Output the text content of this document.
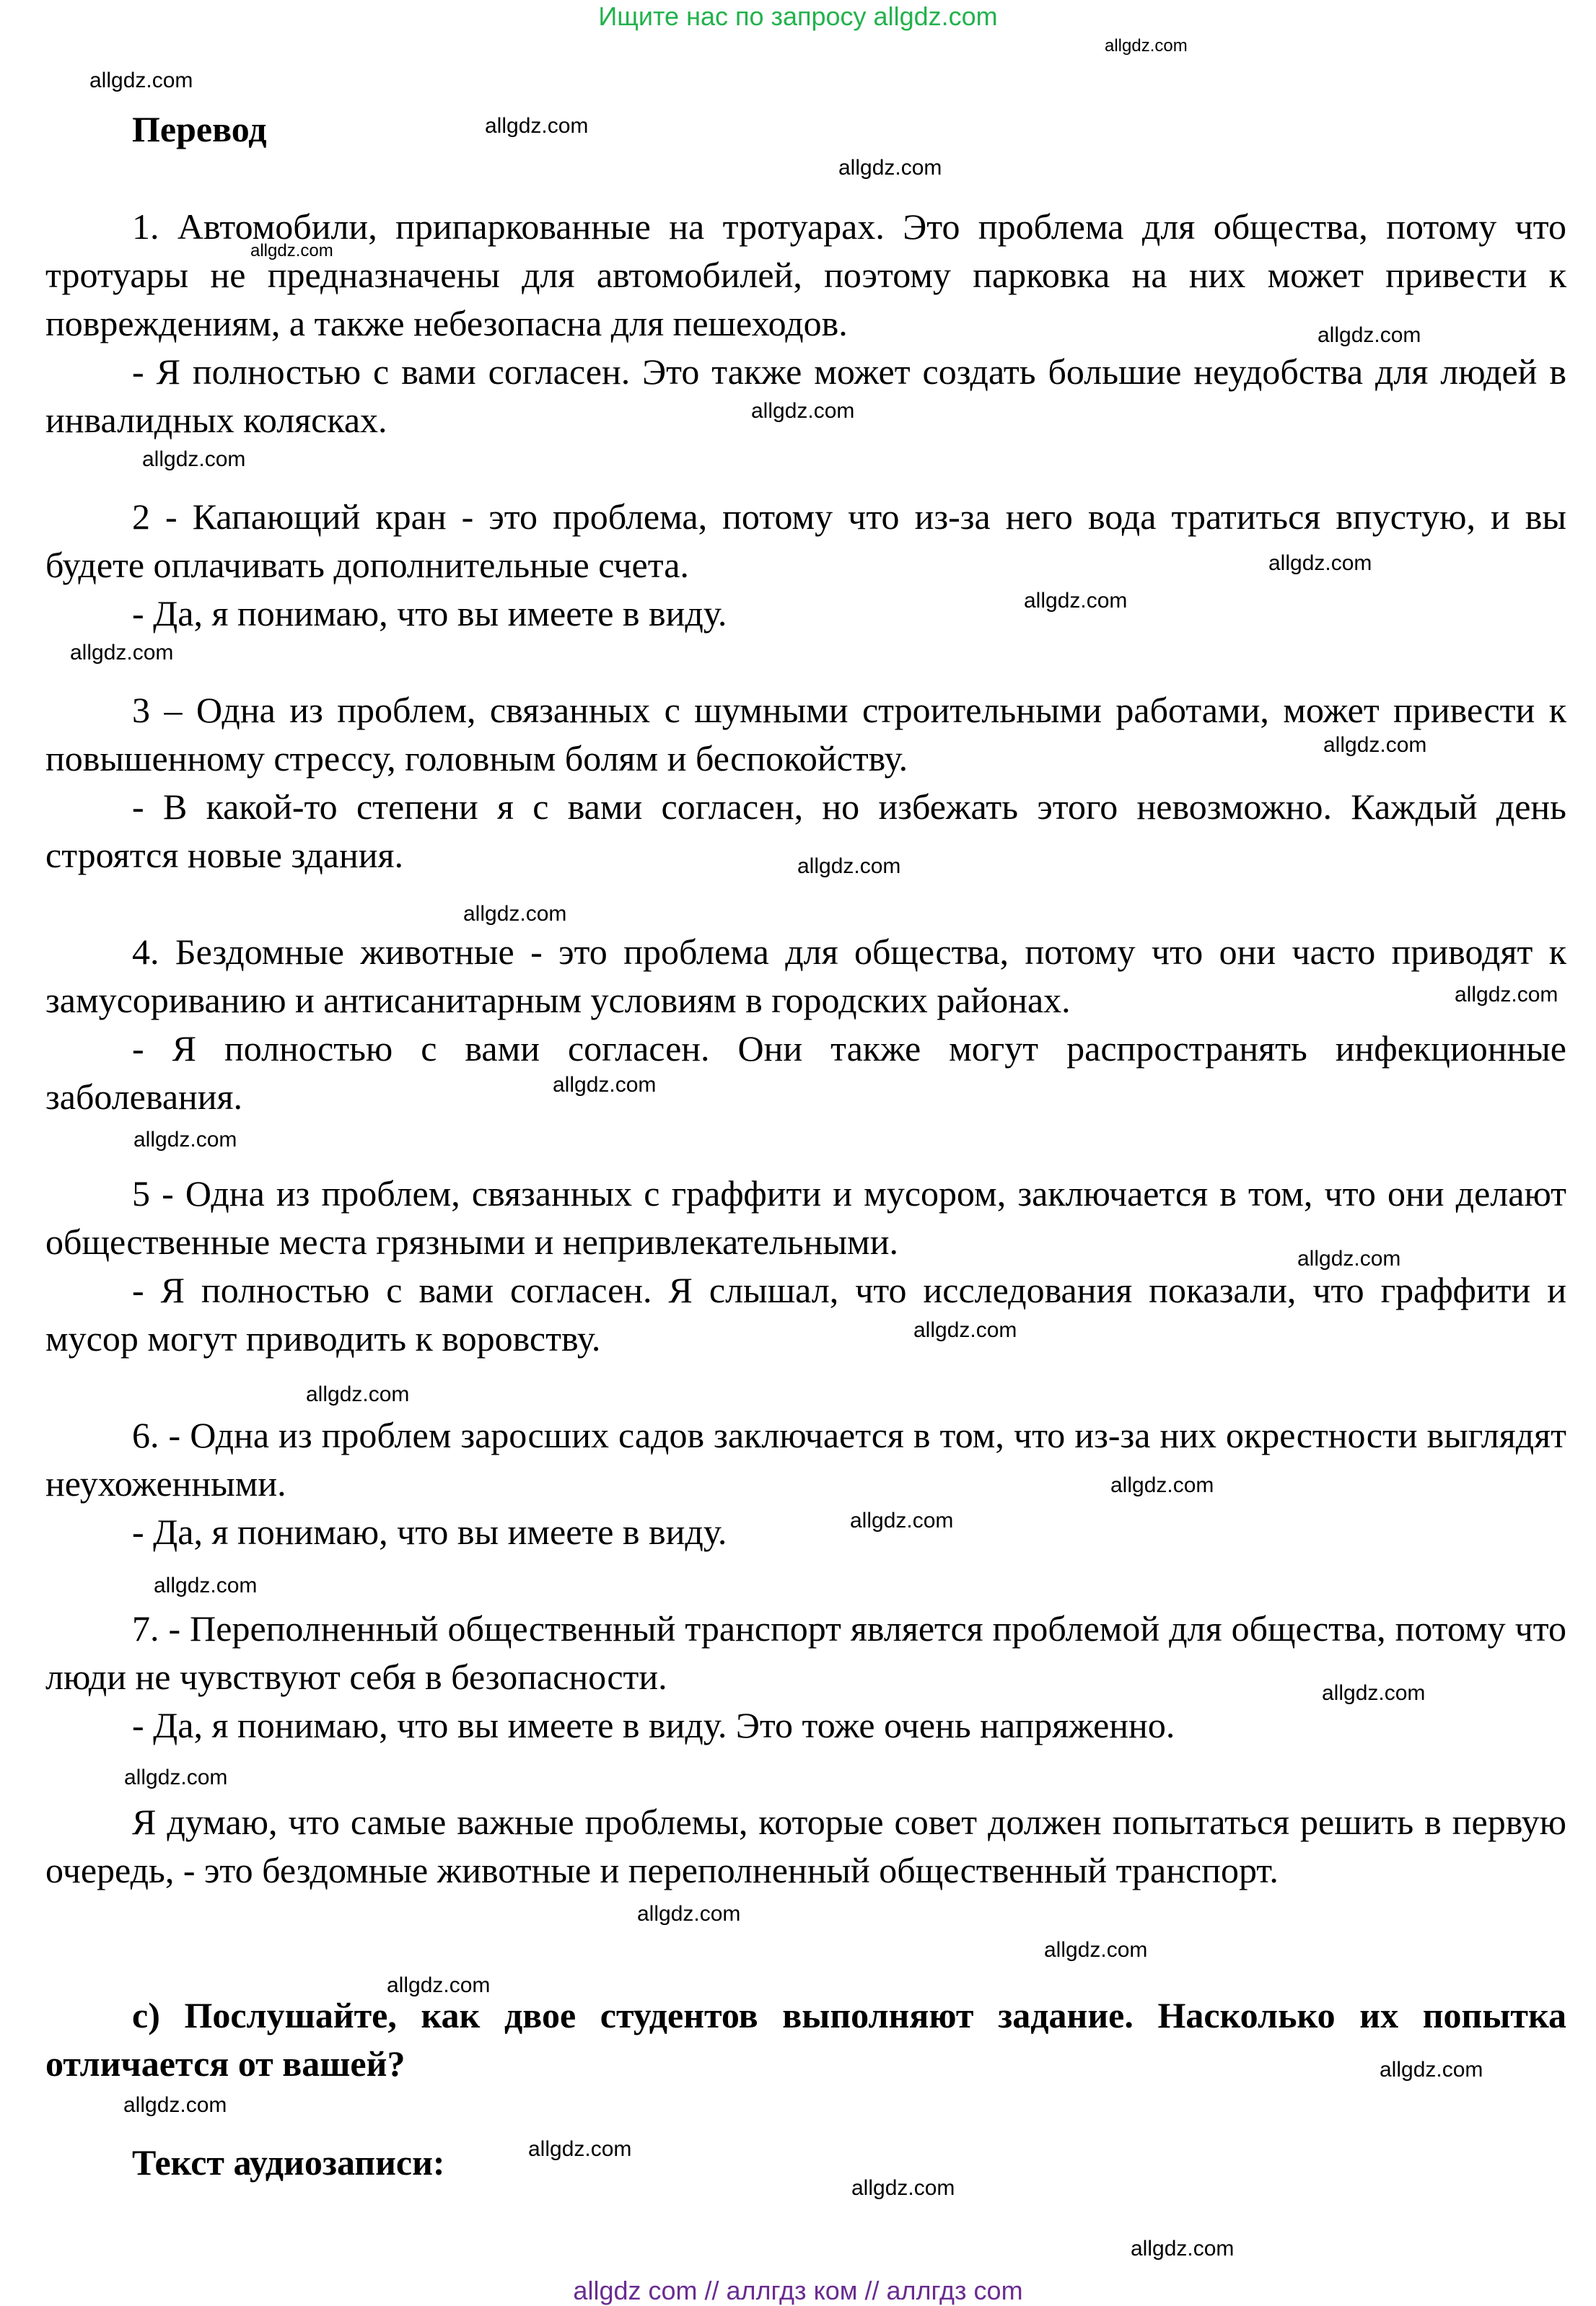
Ищите нас по запросу allgdz.com
Перевод
1. Автомобили, припаркованные на тротуарах. Это проблема для общества, потому что тротуары не предназначены для автомобилей, поэтому парковка на них может привести к повреждениям, а также небезопасна для пешеходов.
- Я полностью с вами согласен. Это также может создать большие неудобства для людей в инвалидных колясках.
2 - Капающий кран - это проблема, потому что из-за него вода тратиться впустую, и вы будете оплачивать дополнительные счета.
- Да, я понимаю, что вы имеете в виду.
3 – Одна из проблем, связанных с шумными строительными работами, может привести к повышенному стрессу, головным болям и беспокойству.
- В какой-то степени я с вами согласен, но избежать этого невозможно. Каждый день строятся новые здания.
4. Бездомные животные - это проблема для общества, потому что они часто приводят к замусориванию и антисанитарным условиям в городских районах.
- Я полностью с вами согласен. Они также могут распространять инфекционные заболевания.
5 - Одна из проблем, связанных с граффити и мусором, заключается в том, что они делают общественные места грязными и непривлекательными.
- Я полностью с вами согласен. Я слышал, что исследования показали, что граффити и мусор могут приводить к воровству.
6. - Одна из проблем заросших садов заключается в том, что из-за них окрестности выглядят неухоженными.
- Да, я понимаю, что вы имеете в виду.
7. - Переполненный общественный транспорт является проблемой для общества, потому что люди не чувствуют себя в безопасности.
- Да, я понимаю, что вы имеете в виду. Это тоже очень напряженно.
Я думаю, что самые важные проблемы, которые совет должен попытаться решить в первую очередь, - это бездомные животные и переполненный общественный транспорт.
c) Послушайте, как двое студентов выполняют задание. Насколько их попытка отличается от вашей?
Текст аудиозаписи:
allgdz.com
allgdz.com
allgdz.com
allgdz.com
allgdz.com
allgdz.com
allgdz.com
allgdz.com
allgdz.com
allgdz.com
allgdz.com
allgdz.com
allgdz.com
allgdz.com
allgdz.com
allgdz.com
allgdz.com
allgdz.com
allgdz.com
allgdz.com
allgdz.com
allgdz.com
allgdz.com
allgdz.com
allgdz.com
allgdz.com
allgdz.com
allgdz.com
allgdz.com
allgdz.com
allgdz.com
allgdz.com
allgdz.com
allgdz com // аллгдз ком // аллгдз com
